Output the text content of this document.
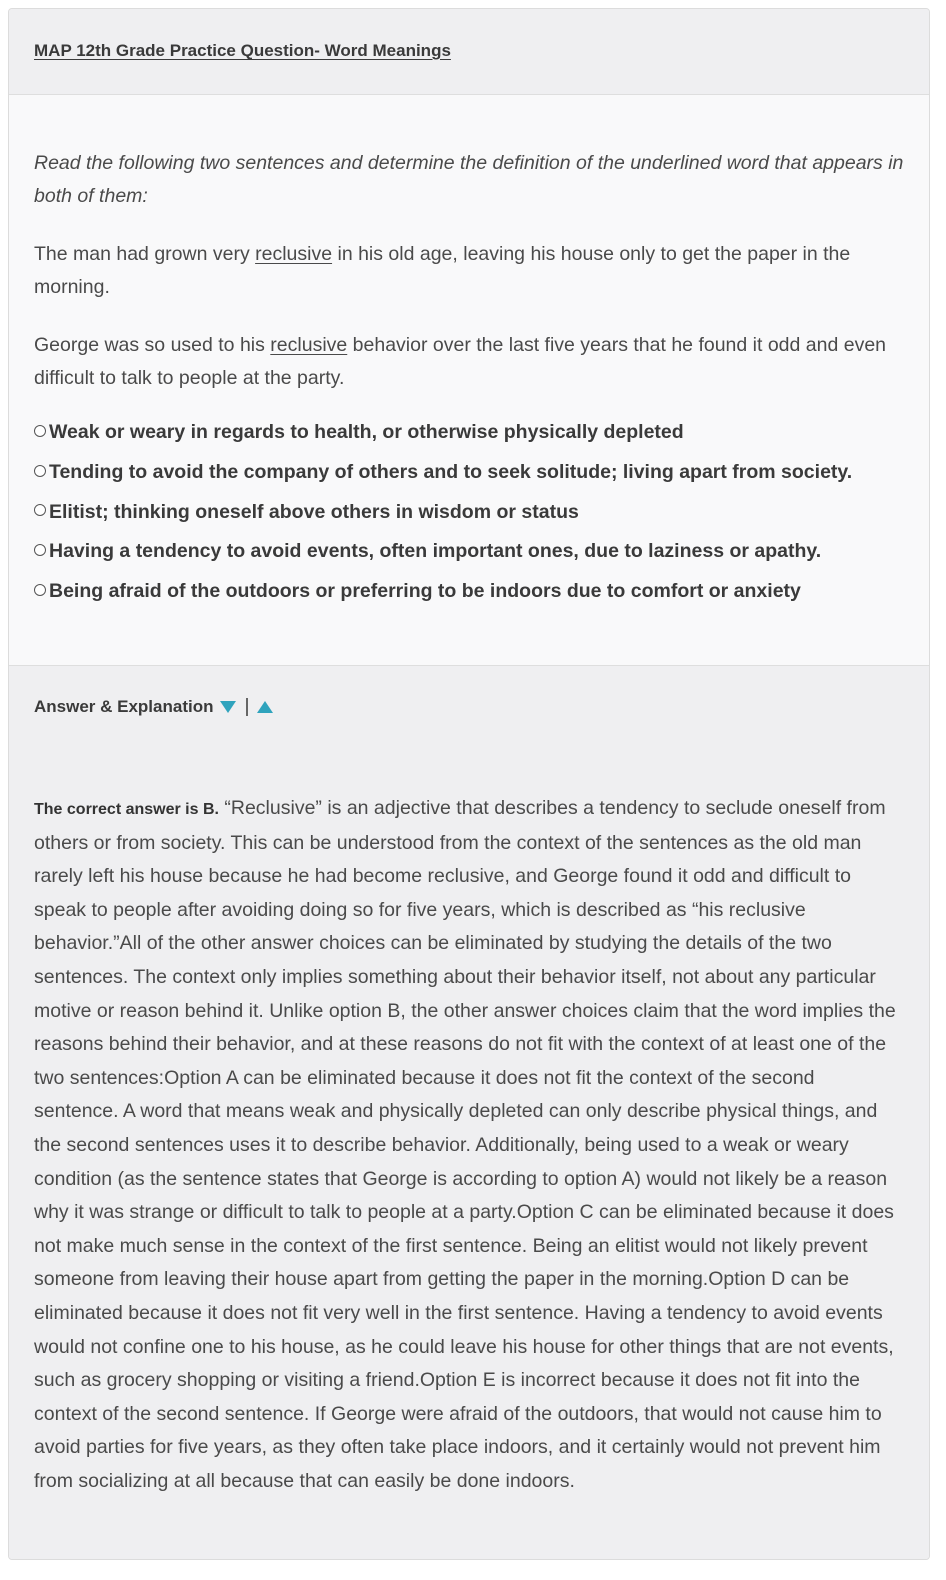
MAP 12th Grade Practice Question- Word Meanings

Read the following two sentences and determine the definition of the underlined word that appears in both of them:

The man had grown very reclusive in his old age, leaving his house only to get the paper in the morning.

George was so used to his reclusive behavior over the last five years that he found it odd and even difficult to talk to people at the party.

Weak or weary in regards to health, or otherwise physically depleted
Tending to avoid the company of others and to seek solitude; living apart from society.
Elitist; thinking oneself above others in wisdom or status
Having a tendency to avoid events, often important ones, due to laziness or apathy.
Being afraid of the outdoors or preferring to be indoors due to comfort or anxiety
Answer & Explanation

The correct answer is B. “Reclusive” is an adjective that describes a tendency to seclude oneself from others or from society. This can be understood from the context of the sentences as the old man rarely left his house because he had become reclusive, and George found it odd and difficult to speak to people after avoiding doing so for five years, which is described as “his reclusive behavior.”All of the other answer choices can be eliminated by studying the details of the two sentences. The context only implies something about their behavior itself, not about any particular motive or reason behind it. Unlike option B, the other answer choices claim that the word implies the reasons behind their behavior, and at these reasons do not fit with the context of at least one of the two sentences:Option A can be eliminated because it does not fit the context of the second sentence. A word that means weak and physically depleted can only describe physical things, and the second sentences uses it to describe behavior. Additionally, being used to a weak or weary condition (as the sentence states that George is according to option A) would not likely be a reason why it was strange or difficult to talk to people at a party.Option C can be eliminated because it does not make much sense in the context of the first sentence. Being an elitist would not likely prevent someone from leaving their house apart from getting the paper in the morning.Option D can be eliminated because it does not fit very well in the first sentence. Having a tendency to avoid events would not confine one to his house, as he could leave his house for other things that are not events, such as grocery shopping or visiting a friend.Option E is incorrect because it does not fit into the context of the second sentence. If George were afraid of the outdoors, that would not cause him to avoid parties for five years, as they often take place indoors, and it certainly would not prevent him from socializing at all because that can easily be done indoors.
